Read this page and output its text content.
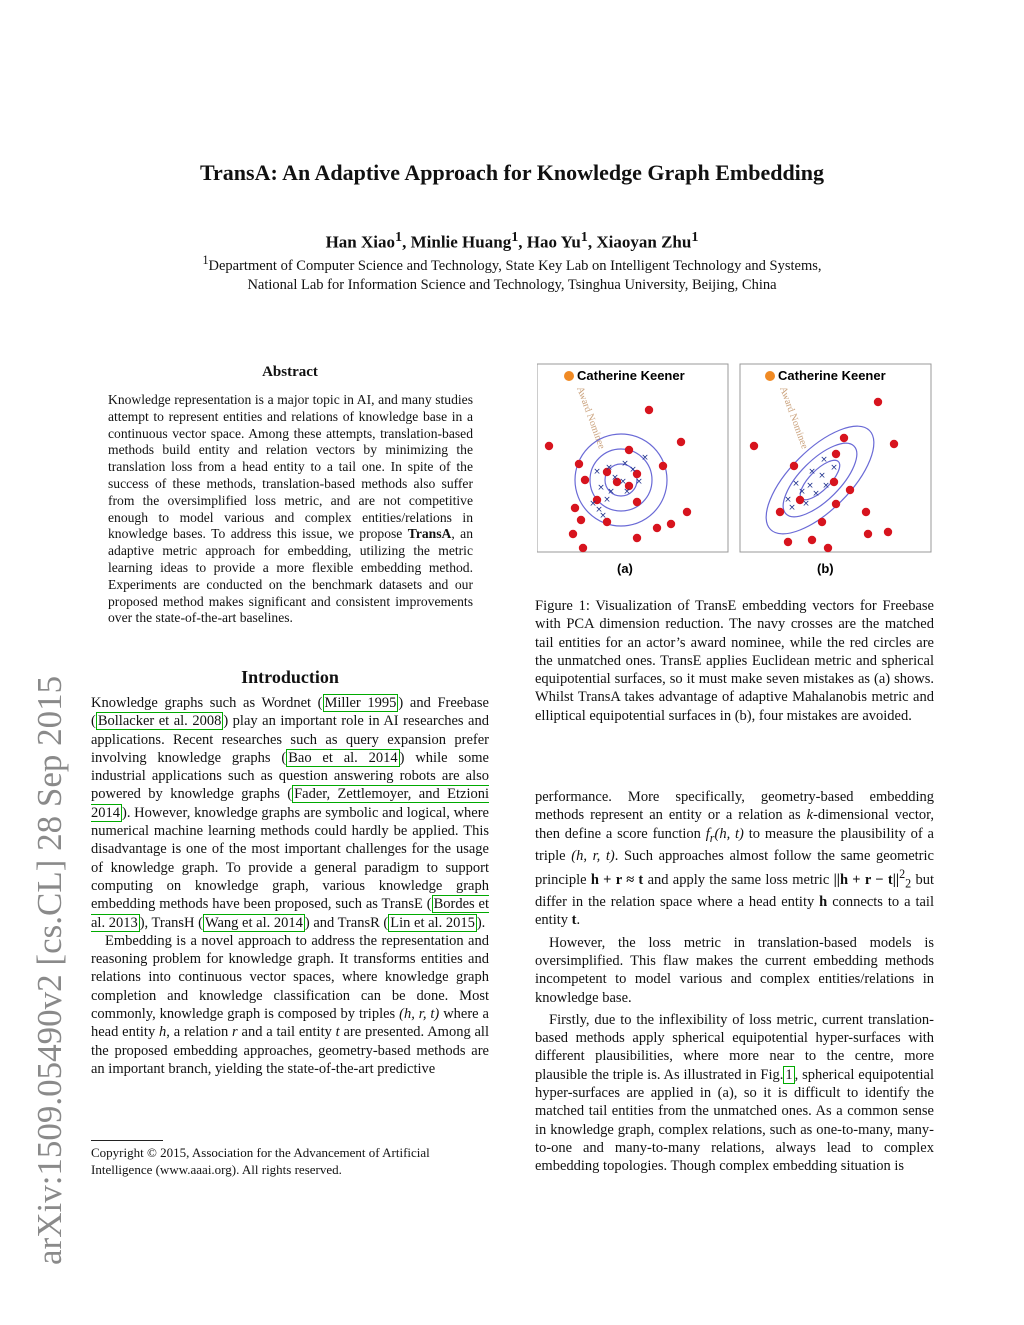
arXiv:1509.05490v2 [cs.CL] 28 Sep 2015
TransA: An Adaptive Approach for Knowledge Graph Embedding
Han Xiao$^1$, Minlie Huang$^1$, Hao Yu$^1$, Xiaoyan Zhu$^1$

$^1$Department of Computer Science and Technology, State Key Lab on Intelligent Technology and Systems,

National Lab for Information Science and Technology, Tsinghua University, Beijing, China

Abstract

Knowledge representation is a major topic in AI, and many studies attempt to represent entities and relations of knowledge base in a continuous vector space. Among these attempts, translation-based methods build entity and relation vectors by minimizing the translation loss from a head entity to a tail one. In spite of the success of these methods, translation-based methods also suffer from the oversimplified loss metric, and are not competitive enough to model various and complex entities/relations in knowledge bases. To address this issue, we propose TransA, an adaptive metric approach for embedding, utilizing the metric learning ideas to provide a more flexible embedding method. Experiments are conducted on the benchmark datasets and our proposed method makes significant and consistent improvements over the state-of-the-art baselines.

Introduction

Knowledge graphs such as Wordnet ( Miller 1995 ) and Freebase ( Bollacker et al. 2008 ) play an important role in AI researches and applications. Recent researches such as query expansion prefer involving knowledge graphs ( Bao et al. 2014 ) while some industrial applications such as question answering robots are also powered by knowledge graphs ( Fader, Zettlemoyer, and Etzioni 2014 ). However, knowledge graphs are symbolic and logical, where numerical machine learning methods could hardly be applied. This disadvantage is one of the most important challenges for the usage of knowledge graph. To provide a general paradigm to support computing on knowledge graph, various knowledge graph embedding methods have been proposed, such as TransE ( Bordes et al. 2013 ), TransH ( Wang et al. 2014 ) and TransR ( Lin et al. 2015 ).

Embedding is a novel approach to address the representation and reasoning problem for knowledge graph. It transforms entities and relations into continuous vector spaces, where knowledge graph completion and knowledge classification can be done. Most commonly, knowledge graph is composed by triples (h, r, t) where a head entity h, a relation r and a tail entity t are presented. Among all the proposed embedding approaches, geometry-based methods are an important branch, yielding the state-of-the-art predictive

Copyright © 2015, Association for the Advancement of Artificial Intelligence (www.aaai.org). All rights reserved.
Catherine Keener
Award Nominee
× × ×
×
× × ×
× × ×
×
×
×
×
×
(a)
Catherine Keener
Award Nominee
×
×
× ×
×
×
× ×
×
× ×
×
(b)

Figure 1: Visualization of TransE embedding vectors for Freebase with PCA dimension reduction. The navy crosses are the matched tail entities for an actor’s award nominee, while the red circles are the unmatched ones. TransE applies Euclidean metric and spherical equipotential surfaces, so it must make seven mistakes as (a) shows. Whilst TransA takes advantage of adaptive Mahalanobis metric and elliptical equipotential surfaces in (b), four mistakes are avoided.

performance. More specifically, geometry-based embedding methods represent an entity or a relation as k-dimensional vector, then define a score function $f_r(h$, t) to measure the plausibility of a triple (h, r, t). Such approaches almost follow the same geometric principle h + r ≈ t and apply the same loss metric $||h + r - t||^2_2$ but differ in the relation space where a head entity h connects to a tail entity t.

However, the loss metric in translation-based models is oversimplified. This flaw makes the current embedding methods incompetent to model various and complex entities/relations in knowledge base.

Firstly, due to the inflexibility of loss metric, current translation-based methods apply spherical equipotential hyper-surfaces with different plausibilities, where more near to the centre, more plausible the triple is. As illustrated in Fig. 1 , spherical equipotential hyper-surfaces are applied in (a), so it is difficult to identify the matched tail entities from the unmatched ones. As a common sense in knowledge graph, complex relations, such as one-to-many, many-to-one and many-to-many relations, always lead to complex embedding topologies. Though complex embedding situation is
